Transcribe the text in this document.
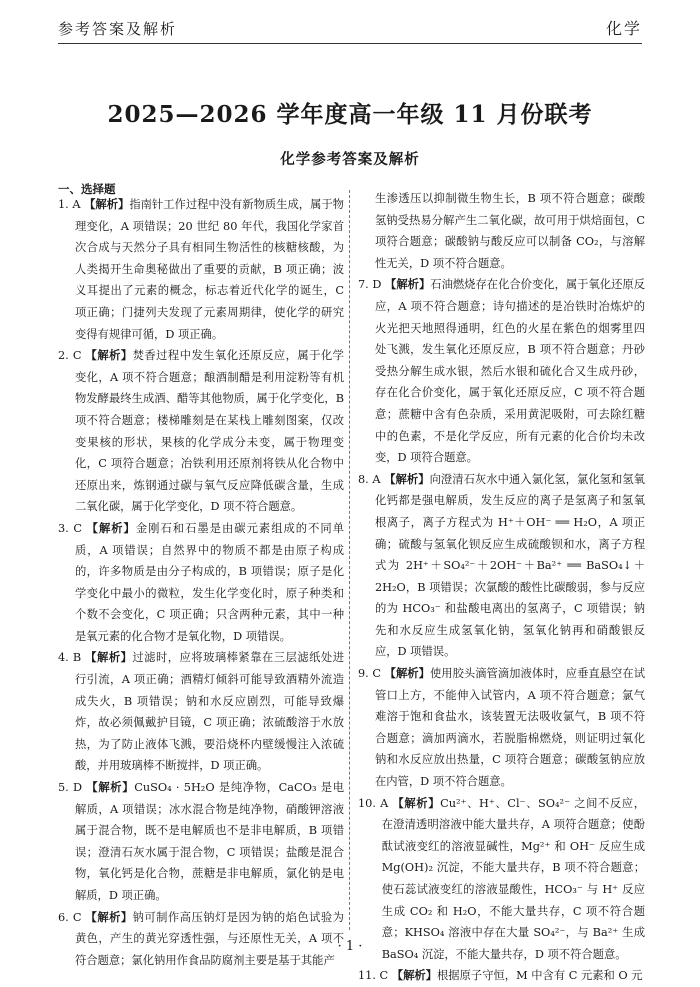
参考答案及解析	化学
2025—2026 学年度高一年级 11 月份联考
化学参考答案及解析
一、选择题

1. A 【解析】指南针工作过程中没有新物质生成，属于物理变化，A 项错误；20 世纪 80 年代，我国化学家首次合成与天然分子具有相同生物活性的核糖核酸，为人类揭开生命奥秘做出了重要的贡献，B 项正确；波义耳提出了元素的概念，标志着近代化学的诞生，C 项正确；门捷列夫发现了元素周期律，使化学的研究变得有规律可循，D 项正确。

2. C 【解析】焚香过程中发生氧化还原反应，属于化学变化，A 项不符合题意；酿酒制醋是利用淀粉等有机物发酵最终生成酒、醋等其他物质，属于化学变化，B 项不符合题意；楼梯雕刻是在某栈上雕刻图案，仅改变果核的形状，果核的化学成分未变，属于物理变化，C 项符合题意；冶铁利用还原剂将铁从化合物中还原出来，炼钢通过碳与氧气反应降低碳含量，生成二氧化碳，属于化学变化，D 项不符合题意。

3. C 【解析】金刚石和石墨是由碳元素组成的不同单质，A 项错误；自然界中的物质不都是由原子构成的，许多物质是由分子构成的，B 项错误；原子是化学变化中最小的微粒，发生化学变化时，原子种类和个数不会变化，C 项正确；只含两种元素，其中一种是氧元素的化合物才是氧化物，D 项错误。

4. B 【解析】过滤时，应将玻璃棒紧靠在三层滤纸处进行引流，A 项正确；酒精灯倾斜可能导致酒精外流造成失火，B 项错误；钠和水反应剧烈，可能导致爆炸，故必须佩戴护目镜，C 项正确；浓硫酸溶于水放热，为了防止液体飞溅，要沿烧杯内壁缓慢注入浓硫酸，并用玻璃棒不断搅拌，D 项正确。

5. D 【解析】CuSO₄ · 5H₂O 是纯净物，CaCO₃ 是电解质，A 项错误；冰水混合物是纯净物，硝酸钾溶液属于混合物，既不是电解质也不是非电解质，B 项错误；澄清石灰水属于混合物，C 项错误；盐酸是混合物，氧化钙是化合物，蔗糖是非电解质，氯化钠是电解质，D 项正确。

6. C 【解析】钠可制作高压钠灯是因为钠的焰色试验为黄色，产生的黄光穿透性强，与还原性无关，A 项不符合题意；氯化钠用作食品防腐剂主要是基于其能产

生渗透压以抑制微生物生长，B 项不符合题意；碳酸氢钠受热易分解产生二氧化碳，故可用于烘焙面包，C 项符合题意；碳酸钠与酸反应可以制备 CO₂，与溶解性无关，D 项不符合题意。

7. D 【解析】石油燃烧存在化合价变化，属于氧化还原反应，A 项不符合题意；诗句描述的是冶铁时冶炼炉的火光把天地照得通明，红色的火星在紫色的烟雾里四处飞溅，发生氧化还原反应，B 项不符合题意；丹砂受热分解生成水银，然后水银和硫化合又生成丹砂，存在化合价变化，属于氧化还原反应，C 项不符合题意；蔗糖中含有色杂质，采用黄泥吸附，可去除红糖中的色素，不是化学反应，所有元素的化合价均未改变，D 项符合题意。

8. A 【解析】向澄清石灰水中通入氯化氢，氯化氢和氢氧化钙都是强电解质，发生反应的离子是氢离子和氢氧根离子，离子方程式为 H⁺＋OH⁻ ══ H₂O，A 项正确；硫酸与氢氧化钡反应生成硫酸钡和水，离子方程式为 2H⁺＋SO₄²⁻＋2OH⁻＋Ba²⁺ ══ BaSO₄↓＋2H₂O，B 项错误；次氯酸的酸性比碳酸弱，参与反应的为 HCO₃⁻ 和盐酸电离出的氢离子，C 项错误；钠先和水反应生成氢氧化钠，氢氧化钠再和硝酸银反应，D 项错误。

9. C 【解析】使用胶头滴管滴加液体时，应垂直悬空在试管口上方，不能伸入试管内，A 项不符合题意；氯气难溶于饱和食盐水，该装置无法吸收氯气，B 项不符合题意；滴加两滴水，若脱脂棉燃烧，则证明过氧化钠和水反应放出热量，C 项符合题意；碳酸氢钠应放在内管，D 项不符合题意。

10. A 【解析】Cu²⁺、H⁺、Cl⁻、SO₄²⁻ 之间不反应，在澄清透明溶液中能大量共存，A 项符合题意；使酚酞试液变红的溶液显碱性，Mg²⁺ 和 OH⁻ 反应生成 Mg(OH)₂ 沉淀，不能大量共存，B 项不符合题意；使石蕊试液变红的溶液显酸性，HCO₃⁻ 与 H⁺ 反应生成 CO₂ 和 H₂O，不能大量共存，C 项不符合题意；KHSO₄ 溶液中存在大量 SO₄²⁻，与 Ba²⁺ 生成 BaSO₄ 沉淀，不能大量共存，D 项不符合题意。

11. C 【解析】根据原子守恒，M 中含有 C 元素和 O 元

· 1 ·
